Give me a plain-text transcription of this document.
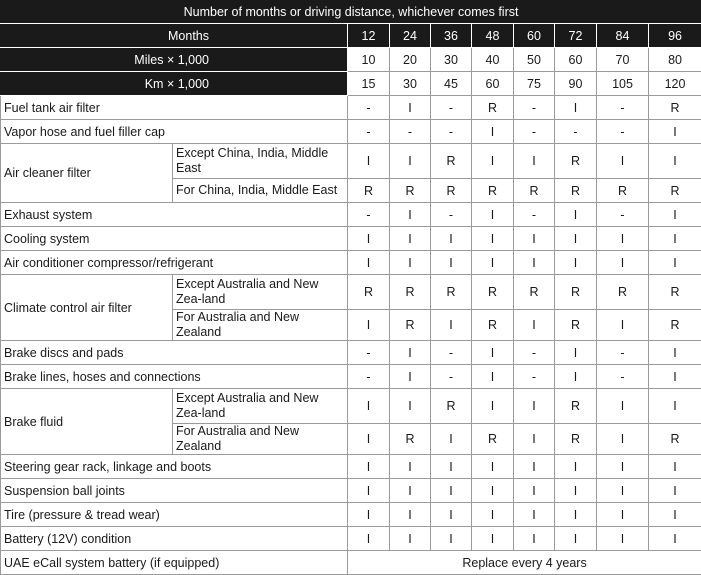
Number of months or driving distance, whichever comes first									
Months		12	24	36	48	60	72	84	96
Miles × 1,000		10	20	30	40	50	60	70	80
Km × 1,000		15	30	45	60	75	90	105	120
Fuel tank air filter		-	I	-	R	-	I	-	R
Vapor hose and fuel filler cap		-	-	-	I	-	-	-	I
Air cleaner filter	Except China, India, Middle East	I	I	R	I	I	R	I	I
	For China, India, Middle East	R	R	R	R	R	R	R	R
Exhaust system		-	I	-	I	-	I	-	I
Cooling system		I	I	I	I	I	I	I	I
Air conditioner compressor/refrigerant		I	I	I	I	I	I	I	I
Climate control air filter	Except Australia and New Zea-land	R	R	R	R	R	R	R	R
	For Australia and New Zealand	I	R	I	R	I	R	I	R
Brake discs and pads		-	I	-	I	-	I	-	I
Brake lines, hoses and connections		-	I	-	I	-	I	-	I
Brake fluid	Except Australia and New Zea-land	I	I	R	I	I	R	I	I
	For Australia and New Zealand	I	R	I	R	I	R	I	R
Steering gear rack, linkage and boots		I	I	I	I	I	I	I	I
Suspension ball joints		I	I	I	I	I	I	I	I
Tire (pressure & tread wear)		I	I	I	I	I	I	I	I
Battery (12V) condition		I	I	I	I	I	I	I	I
UAE eCall system battery (if equipped)		Replace every 4 years							
